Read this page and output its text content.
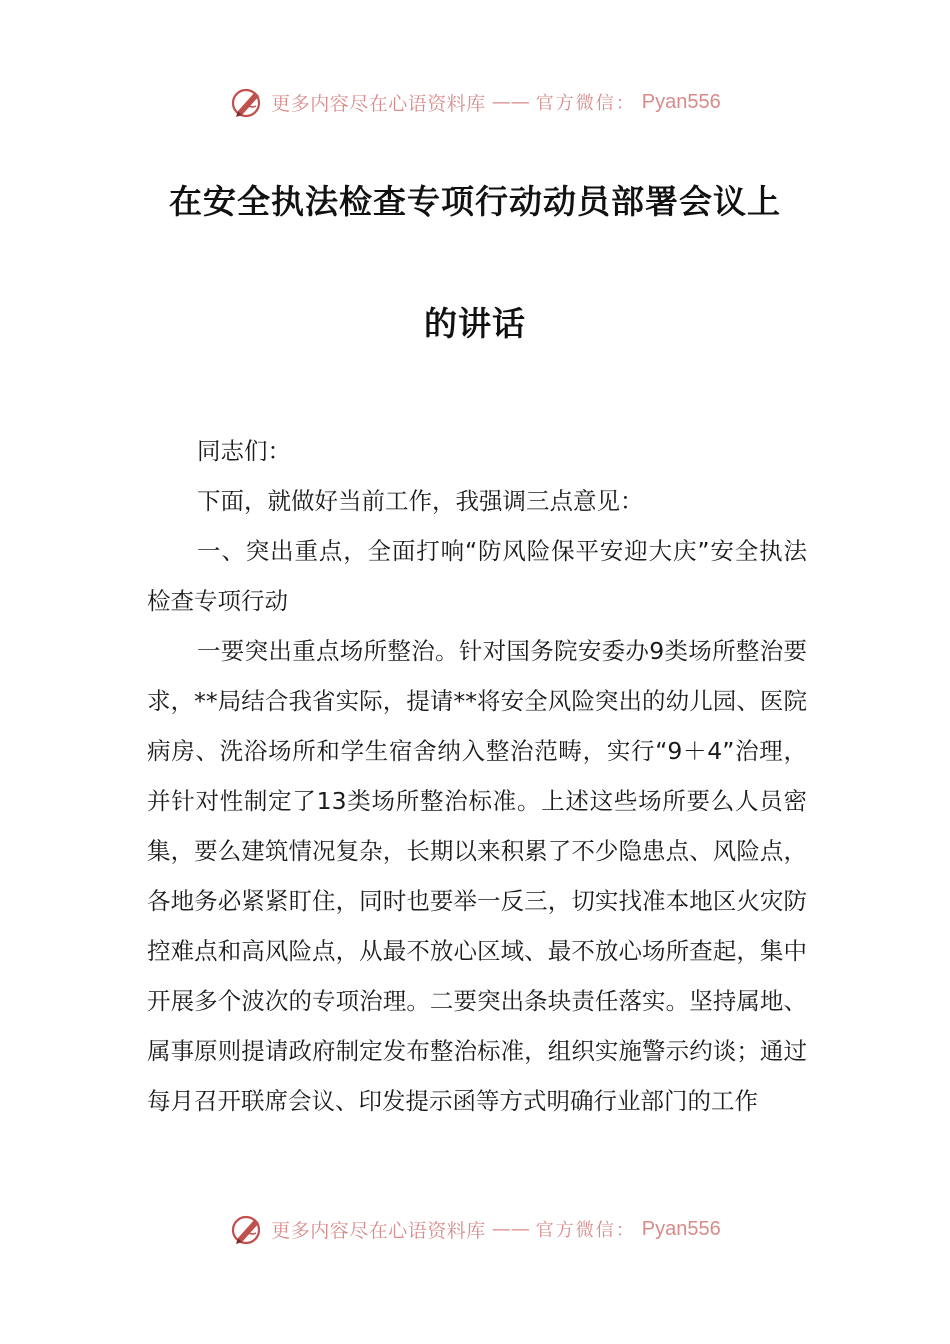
更多内容尽在心语资料库 —— 官方微信： Pyan556
在安全执法检查专项行动动员部署会议上
的讲话

同志们：

下面，就做好当前工作，我强调三点意见：

一、突出重点，全面打响“防风险保平安迎大庆”安全执法检查专项行动

一要突出重点场所整治。针对国务院安委办9类场所整治要求，**局结合我省实际，提请**将安全风险突出的幼儿园、医院病房、洗浴场所和学生宿舍纳入整治范畴，实行“9＋4”治理，并针对性制定了13类场所整治标准。上述这些场所要么人员密集，要么建筑情况复杂，长期以来积累了不少隐患点、风险点，各地务必紧紧盯住，同时也要举一反三，切实找准本地区火灾防控难点和高风险点，从最不放心区域、最不放心场所查起，集中开展多个波次的专项治理。二要突出条块责任落实。坚持属地、属事原则提请政府制定发布整治标准，组织实施警示约谈；通过每月召开联席会议、印发提示函等方式明确行业部门的工作

更多内容尽在心语资料库 —— 官方微信： Pyan556
